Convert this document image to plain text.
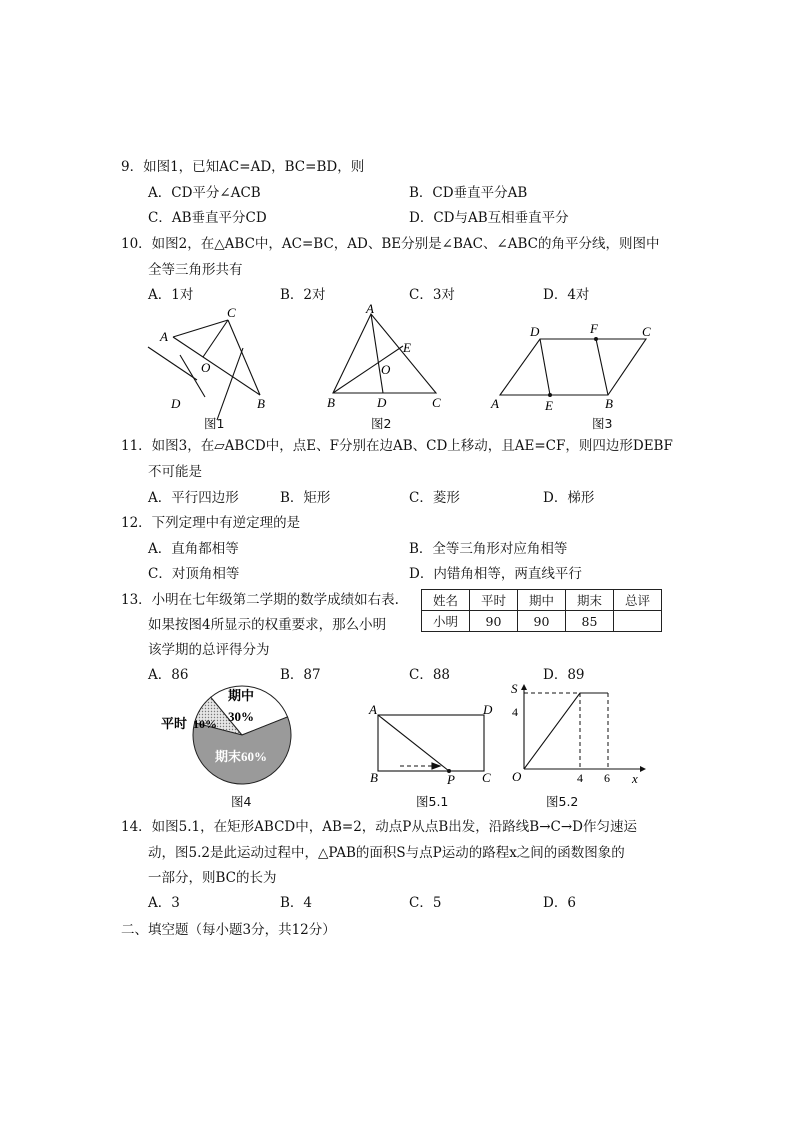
9．如图1，已知AC=AD，BC=BD，则
A．CD平分∠ACB	B．CD垂直平分AB
C．AB垂直平分CD	D．CD与AB互相垂直平分
10．如图2，在△ABC中，AC=BC，AD、BE分别是∠BAC、∠ABC的角平分线，则图中
全等三角形共有
A．1对	B．2对	C．3对	D．4对
A
C
O
D	B
A
E
O
B	D	C
D	F	C
A	E	B
图1	图2	图3
11．如图3，在▱ABCD中，点E、F分别在边AB、CD上移动，且AE=CF，则四边形DEBF
不可能是
A．平行四边形	B．矩形	C．菱形	D．梯形
12．下列定理中有逆定理的是
A．直角都相等	B．全等三角形对应角相等
C．对顶角相等	D．内错角相等，两直线平行
13．小明在七年级第二学期的数学成绩如右表.
如果按图4所显示的权重要求，那么小明
该学期的总评得分为
姓名	平时	期中	期末	总评
小明	90	90	85	
A．86	B．87	C．88	D．89
平时 10%
期中
30%
期末60%
A	D
B	P C
S
x
O	4 6
4
图4	图5.1	图5.2
14．如图5.1，在矩形ABCD中，AB=2，动点P从点B出发，沿路线B→C→D作匀速运
动，图5.2是此运动过程中，△PAB的面积S与点P运动的路程x之间的函数图象的
一部分，则BC的长为
A．3	B．4	C．5	D．6
二、填空题（每小题3分，共12分）
